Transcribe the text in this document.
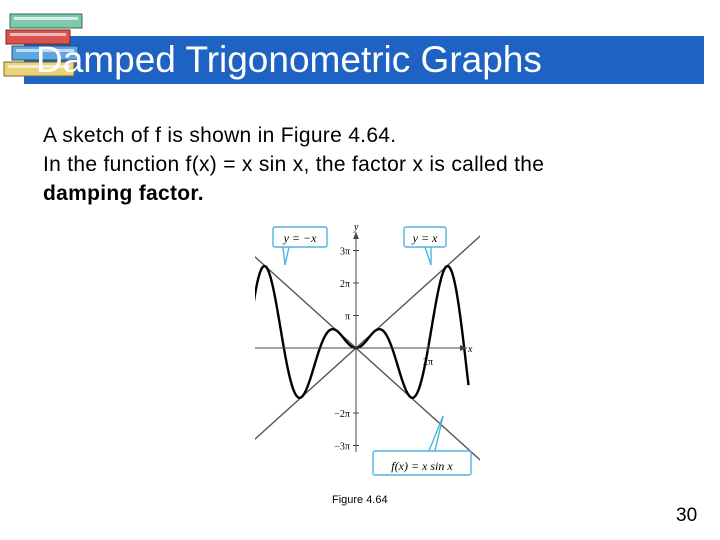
Damped Trigonometric Graphs
A sketch of f is shown in Figure 4.64.
In the function f(x) = x sin x, the factor x is called the
damping factor.
x
y
3π
2π
π
−2π
−3π
2π
y = −x	y = x
f(x) = x sin x
Figure 4.64
30
